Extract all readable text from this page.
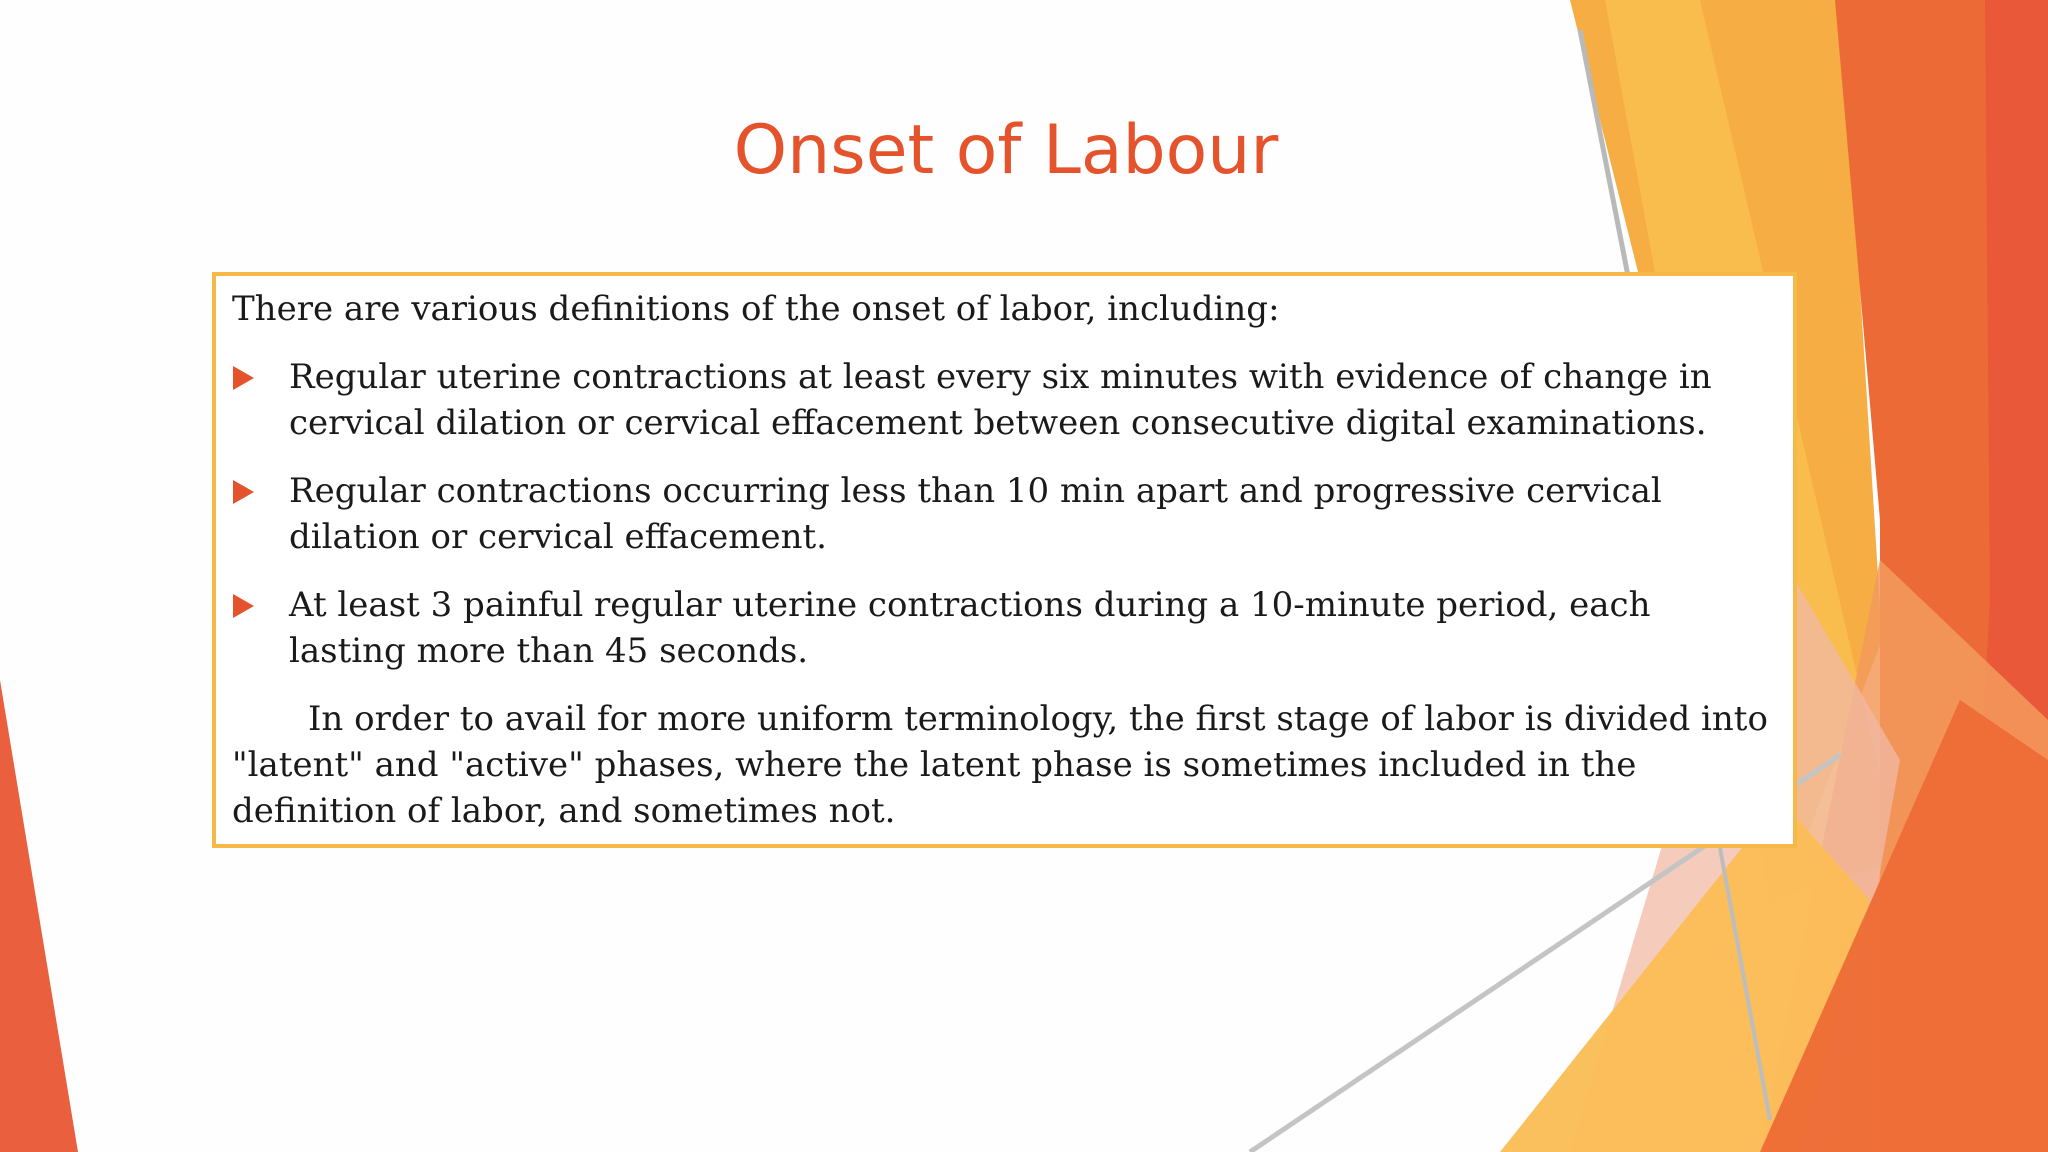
Onset of Labour

There are various definitions of the onset of labor, including:

Regular uterine contractions at least every six minutes with evidence of change in cervical dilation or cervical effacement between consecutive digital examinations.
Regular contractions occurring less than 10 min apart and progressive cervical dilation or cervical effacement.
At least 3 painful regular uterine contractions during a 10-minute period, each lasting more than 45 seconds.

In order to avail for more uniform terminology, the first stage of labor is divided into "latent" and "active" phases, where the latent phase is sometimes included in the definition of labor, and sometimes not.
